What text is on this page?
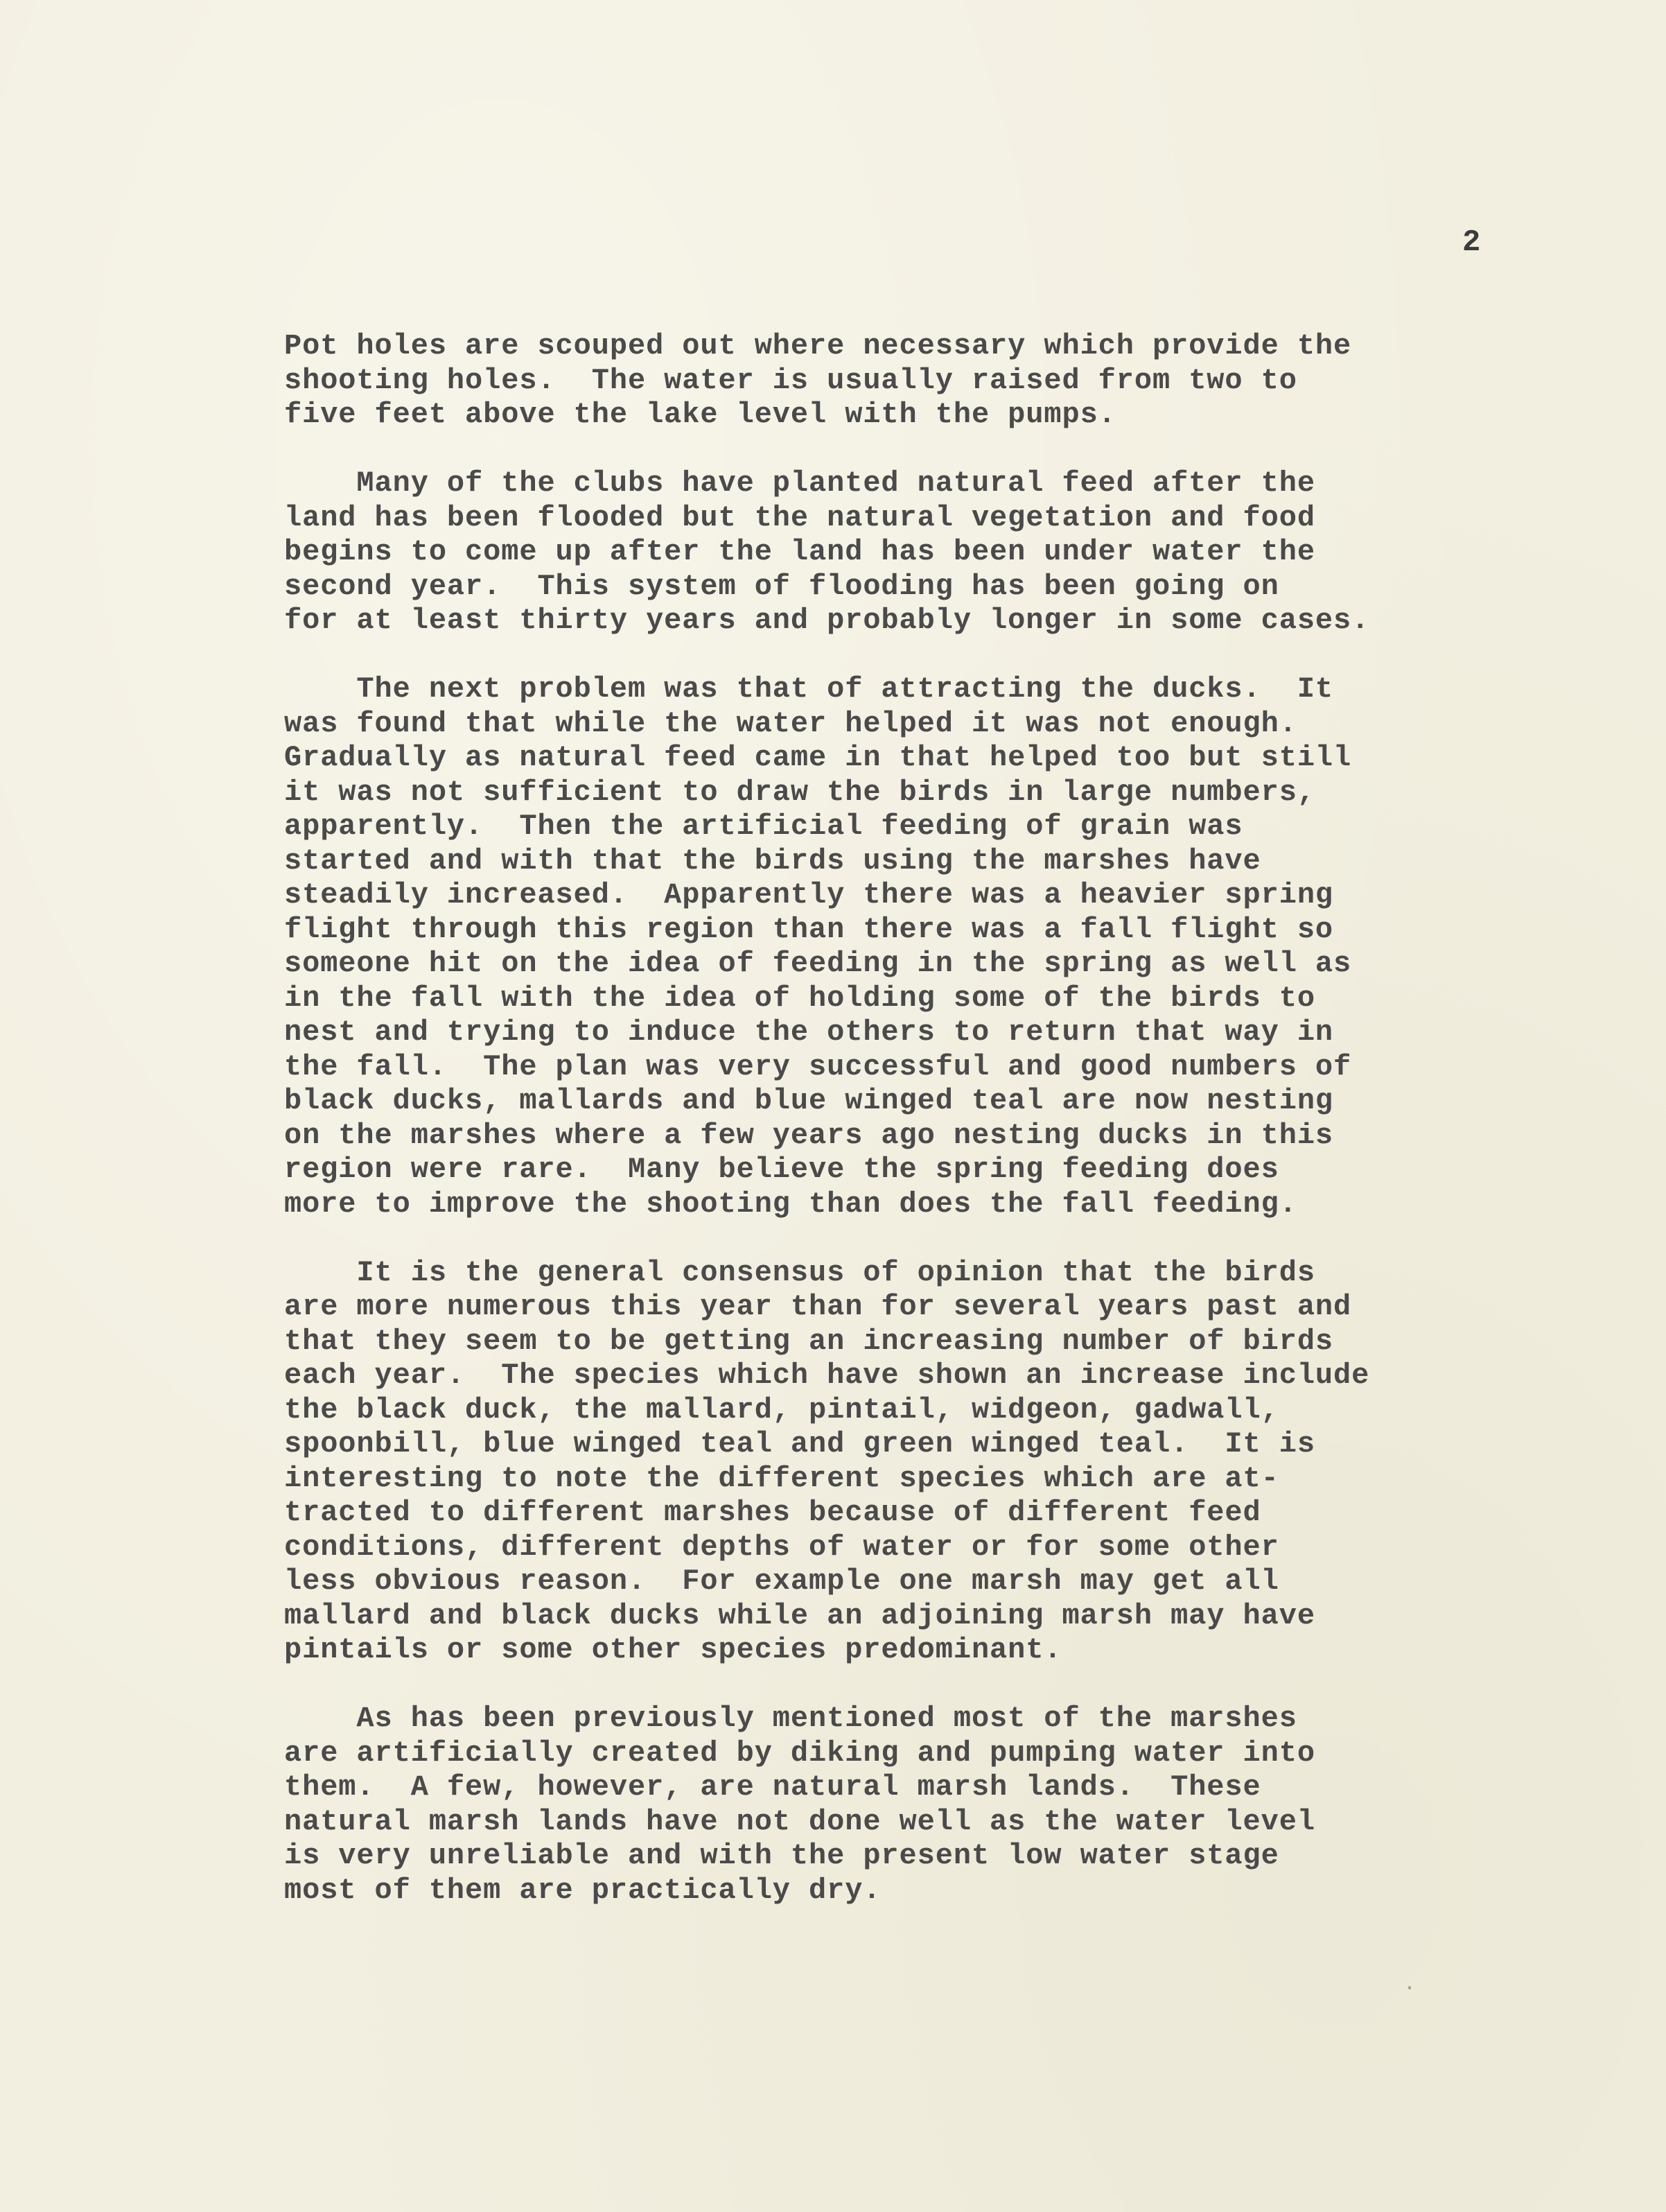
2

Pot holes are scouped out where necessary which provide the
shooting holes.  The water is usually raised from two to
five feet above the lake level with the pumps.

Many of the clubs have planted natural feed after the
land has been flooded but the natural vegetation and food
begins to come up after the land has been under water the
second year.  This system of flooding has been going on
for at least thirty years and probably longer in some cases.

The next problem was that of attracting the ducks.  It
was found that while the water helped it was not enough.
Gradually as natural feed came in that helped too but still
it was not sufficient to draw the birds in large numbers,
apparently.  Then the artificial feeding of grain was
started and with that the birds using the marshes have
steadily increased.  Apparently there was a heavier spring
flight through this region than there was a fall flight so
someone hit on the idea of feeding in the spring as well as
in the fall with the idea of holding some of the birds to
nest and trying to induce the others to return that way in
the fall.  The plan was very successful and good numbers of
black ducks, mallards and blue winged teal are now nesting
on the marshes where a few years ago nesting ducks in this
region were rare.  Many believe the spring feeding does
more to improve the shooting than does the fall feeding.

It is the general consensus of opinion that the birds
are more numerous this year than for several years past and
that they seem to be getting an increasing number of birds
each year.  The species which have shown an increase include
the black duck, the mallard, pintail, widgeon, gadwall,
spoonbill, blue winged teal and green winged teal.  It is
interesting to note the different species which are at-
tracted to different marshes because of different feed
conditions, different depths of water or for some other
less obvious reason.  For example one marsh may get all
mallard and black ducks while an adjoining marsh may have
pintails or some other species predominant.

As has been previously mentioned most of the marshes
are artificially created by diking and pumping water into
them.  A few, however, are natural marsh lands.  These
natural marsh lands have not done well as the water level
is very unreliable and with the present low water stage
most of them are practically dry.
